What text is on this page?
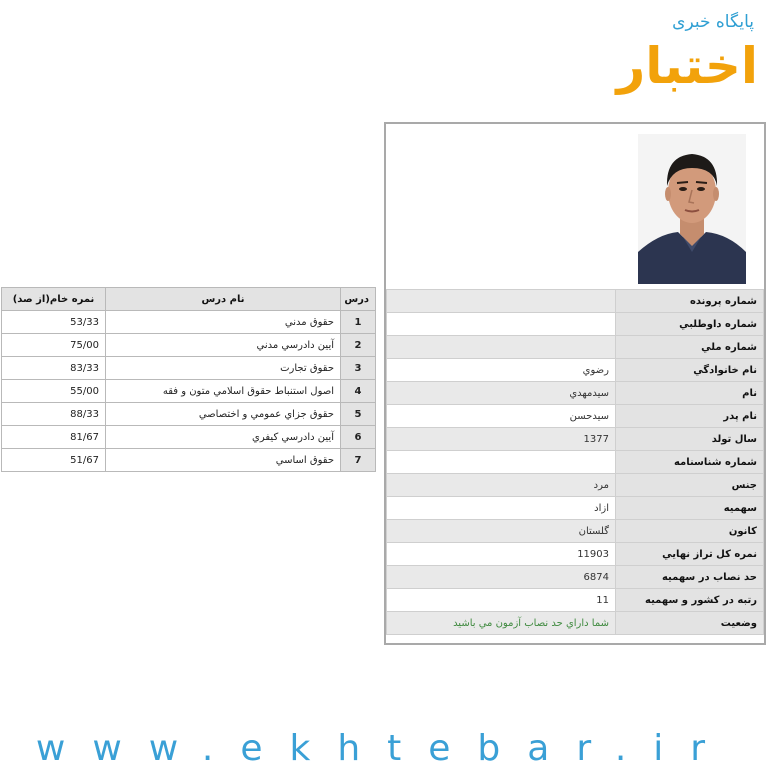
پایگاه خبری
اختبار
شماره پرونده	
شماره داوطلبي	
شماره ملي	
نام خانوادگي	رضوي
نام	سيدمهدي
نام پدر	سيدحسن
سال تولد	1377
شماره شناسنامه	
جنس	مرد
سهميه	ازاد
كانون	گلستان
نمره كل تراز نهايي	11903
حد نصاب در سهميه	6874
رتبه در كشور و سهميه	11
وضعيت	شما داراي حد نصاب آزمون مي باشيد
درس	نام درس	نمره خام(از صد)
1	حقوق مدني	53/33
2	آيين دادرسي مدني	75/00
3	حقوق تجارت	83/33
4	اصول استنباط حقوق اسلامي متون و فقه	55/00
5	حقوق جزاي عمومي و اختصاصي	88/33
6	آيين دادرسي كيفري	81/67
7	حقوق اساسي	51/67
www.ekhtebar.ir
